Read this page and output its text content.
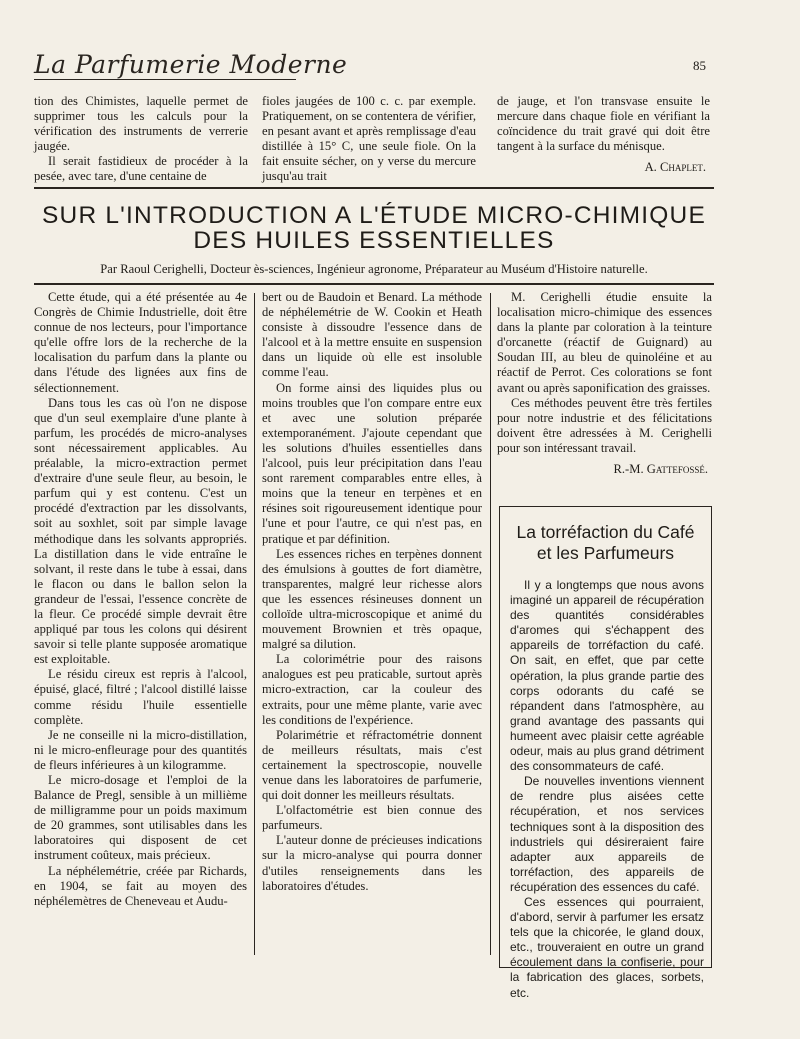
La Parfumerie Moderne	85

tion des Chimistes, laquelle permet de supprimer tous les calculs pour la vérification des instruments de verrerie jaugée.

Il serait fastidieux de procéder à la pesée, avec tare, d'une centaine de

fioles jaugées de 100 c. c. par exemple. Pratiquement, on se contentera de vérifier, en pesant avant et après remplissage d'eau distillée à 15° C, une seule fiole. On la fait ensuite sécher, on y verse du mercure jusqu'au trait

de jauge, et l'on transvase ensuite le mercure dans chaque fiole en vérifiant la coïncidence du trait gravé qui doit être tangent à la surface du ménisque.

A. Chaplet.

SUR L'INTRODUCTION A L'ÉTUDE MICRO-CHIMIQUE
DES HUILES ESSENTIELLES

Par Raoul Cerighelli, Docteur ès-sciences, Ingénieur agronome, Préparateur au Muséum d'Histoire naturelle.

Cette étude, qui a été présentée au 4e Congrès de Chimie Industrielle, doit être connue de nos lecteurs, pour l'importance qu'elle offre lors de la recherche de la localisation du parfum dans la plante ou dans l'étude des lignées aux fins de sélectionnement.

Dans tous les cas où l'on ne dispose que d'un seul exemplaire d'une plante à parfum, les procédés de micro-analyses sont nécessairement applicables. Au préalable, la micro-extraction permet d'extraire d'une seule fleur, au besoin, le parfum qui y est contenu. C'est un procédé d'extraction par les dissolvants, soit au soxhlet, soit par simple lavage méthodique dans les solvants appropriés. La distillation dans le vide entraîne le solvant, il reste dans le tube à essai, dans le flacon ou dans le ballon selon la grandeur de l'essai, l'essence concrète de la fleur. Ce procédé simple devrait être appliqué par tous les colons qui désirent savoir si telle plante supposée aromatique est exploitable.

Le résidu cireux est repris à l'alcool, épuisé, glacé, filtré ; l'alcool distillé laisse comme résidu l'huile essentielle complète.

Je ne conseille ni la micro-distillation, ni le micro-enfleurage pour des quantités de fleurs inférieures à un kilogramme.

Le micro-dosage et l'emploi de la Balance de Pregl, sensible à un millième de milligramme pour un poids maximum de 20 grammes, sont utilisables dans les laboratoires qui disposent de cet instrument coûteux, mais précieux.

La néphélemétrie, créée par Richards, en 1904, se fait au moyen des néphélemètres de Cheneveau et Audu-

bert ou de Baudoin et Benard. La méthode de néphélemétrie de W. Cookin et Heath consiste à dissoudre l'essence dans de l'alcool et à la mettre ensuite en suspension dans un liquide où elle est insoluble comme l'eau.

On forme ainsi des liquides plus ou moins troubles que l'on compare entre eux et avec une solution préparée extemporanément. J'ajoute cependant que les solutions d'huiles essentielles dans l'alcool, puis leur précipitation dans l'eau sont rarement comparables entre elles, à moins que la teneur en terpènes et en résines soit rigoureusement identique pour l'une et pour l'autre, ce qui n'est pas, en pratique et par définition.

Les essences riches en terpènes donnent des émulsions à gouttes de fort diamètre, transparentes, malgré leur richesse alors que les essences résineuses donnent un colloïde ultra-microscopique et animé du mouvement Brownien et très opaque, malgré sa dilution.

La colorimétrie pour des raisons analogues est peu praticable, surtout après micro-extraction, car la couleur des extraits, pour une même plante, varie avec les conditions de l'expérience.

Polarimétrie et réfractométrie donnent de meilleurs résultats, mais c'est certainement la spectroscopie, nouvelle venue dans les laboratoires de parfumerie, qui doit donner les meilleurs résultats.

L'olfactométrie est bien connue des parfumeurs.

L'auteur donne de précieuses indications sur la micro-analyse qui pourra donner d'utiles renseignements dans les laboratoires d'études.

M. Cerighelli étudie ensuite la localisation micro-chimique des essences dans la plante par coloration à la teinture d'orcanette (réactif de Guignard) au Soudan III, au bleu de quinoléine et au réactif de Perrot. Ces colorations se font avant ou après saponification des graisses.

Ces méthodes peuvent être très fertiles pour notre industrie et des félicitations doivent être adressées à M. Cerighelli pour son intéressant travail.

R.-M. Gattefossé.

La torréfaction du Café
et les Parfumeurs

Il y a longtemps que nous avons imaginé un appareil de récupération des quantités considérables d'aromes qui s'échappent des appareils de torréfaction du café. On sait, en effet, que par cette opération, la plus grande partie des corps odorants du café se répandent dans l'atmosphère, au grand avantage des passants qui humeent avec plaisir cette agréable odeur, mais au plus grand détriment des consommateurs de café.

De nouvelles inventions viennent de rendre plus aisées cette récupération, et nos services techniques sont à la disposition des industriels qui désireraient faire adapter aux appareils de torréfaction, des appareils de récupération des essences du café.

Ces essences qui pourraient, d'abord, servir à parfumer les ersatz tels que la chicorée, le gland doux, etc., trouveraient en outre un grand écoulement dans la confiserie, pour la fabrication des glaces, sorbets, etc.
